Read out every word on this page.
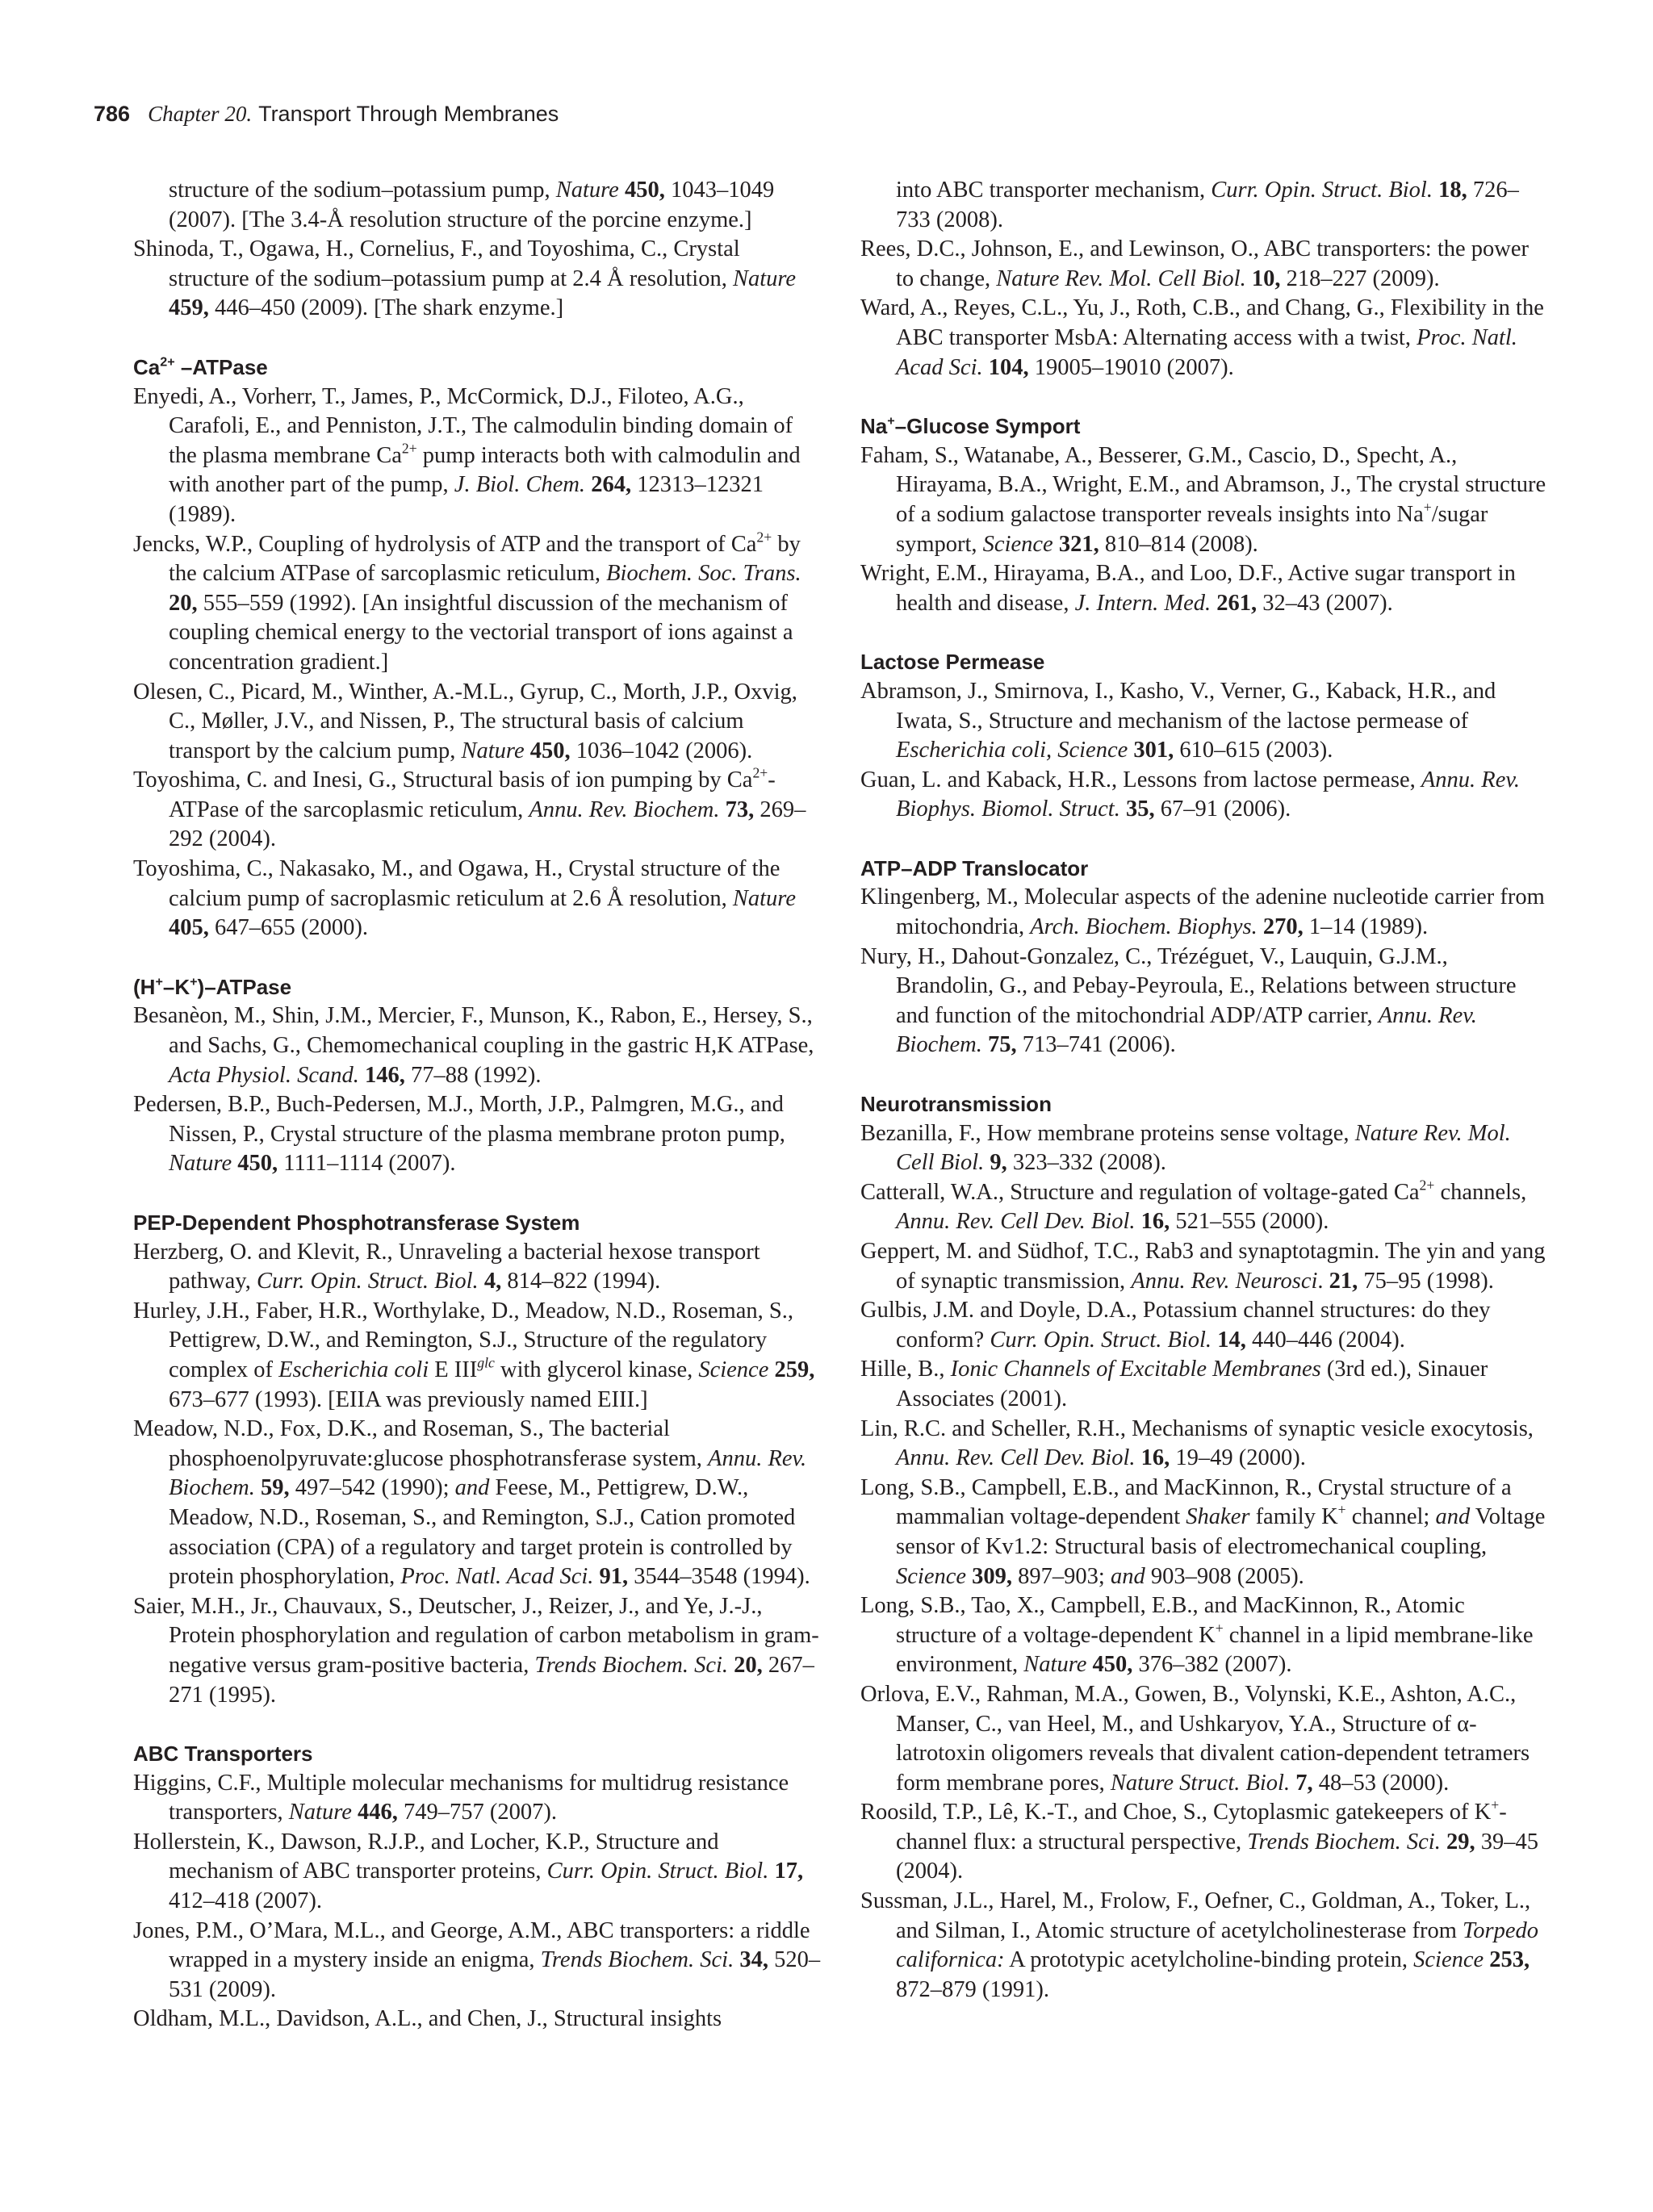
786 Chapter 20. Transport Through Membranes

structure of the sodium–potassium pump, Nature 450, 1043–1049 (2007). [The 3.4-Å resolution structure of the porcine enzyme.]

Shinoda, T., Ogawa, H., Cornelius, F., and Toyoshima, C., Crystal structure of the sodium–potassium pump at 2.4 Å resolution, Nature 459, 446–450 (2009). [The shark enzyme.]

$Ca^{2+}$ –ATPase

Enyedi, A., Vorherr, T., James, P., McCormick, D.J., Filoteo, A.G., Carafoli, E., and Penniston, J.T., The calmodulin binding domain of the plasma membrane $Ca^{2+}$ pump interacts both with calmodulin and with another part of the pump, J. Biol. Chem. 264, 12313–12321 (1989).

Jencks, W.P., Coupling of hydrolysis of ATP and the transport of $Ca^{2+}$ by the calcium ATPase of sarcoplasmic reticulum, Biochem. Soc. Trans. 20, 555–559 (1992). [An insightful discussion of the mechanism of coupling chemical energy to the vectorial transport of ions against a concentration gradient.]

Olesen, C., Picard, M., Winther, A.-M.L., Gyrup, C., Morth, J.P., Oxvig, C., Møller, J.V., and Nissen, P., The structural basis of calcium transport by the calcium pump, Nature 450, 1036–1042 (2006).

Toyoshima, C. and Inesi, G., Structural basis of ion pumping by $Ca^{2+}$-ATPase of the sarcoplasmic reticulum, Annu. Rev. Biochem. 73, 269–292 (2004).

Toyoshima, C., Nakasako, M., and Ogawa, H., Crystal structure of the calcium pump of sacroplasmic reticulum at 2.6 Å resolution, Nature 405, 647–655 (2000).

(H+–K+)–ATPase

Besanèon, M., Shin, J.M., Mercier, F., Munson, K., Rabon, E., Hersey, S., and Sachs, G., Chemomechanical coupling in the gastric H,K ATPase, Acta Physiol. Scand. 146, 77–88 (1992).

Pedersen, B.P., Buch-Pedersen, M.J., Morth, J.P., Palmgren, M.G., and Nissen, P., Crystal structure of the plasma membrane proton pump, Nature 450, 1111–1114 (2007).

PEP-Dependent Phosphotransferase System

Herzberg, O. and Klevit, R., Unraveling a bacterial hexose transport pathway, Curr. Opin. Struct. Biol. 4, 814–822 (1994).

Hurley, J.H., Faber, H.R., Worthylake, D., Meadow, N.D., Roseman, S., Pettigrew, D.W., and Remington, S.J., Structure of the regulatory complex of Escherichia coli E $III^{glc}$ with glycerol kinase, Science 259, 673–677 (1993). [EIIA was previously named EIII.]

Meadow, N.D., Fox, D.K., and Roseman, S., The bacterial phosphoenolpyruvate:glucose phosphotransferase system, Annu. Rev. Biochem. 59, 497–542 (1990); and Feese, M., Pettigrew, D.W., Meadow, N.D., Roseman, S., and Remington, S.J., Cation promoted association (CPA) of a regulatory and target protein is controlled by protein phosphorylation, Proc. Natl. Acad Sci. 91, 3544–3548 (1994).

Saier, M.H., Jr., Chauvaux, S., Deutscher, J., Reizer, J., and Ye, J.-J., Protein phosphorylation and regulation of carbon metabolism in gram-negative versus gram-positive bacteria, Trends Biochem. Sci. 20, 267–271 (1995).

ABC Transporters

Higgins, C.F., Multiple molecular mechanisms for multidrug resistance transporters, Nature 446, 749–757 (2007).

Hollerstein, K., Dawson, R.J.P., and Locher, K.P., Structure and mechanism of ABC transporter proteins, Curr. Opin. Struct. Biol. 17, 412–418 (2007).

Jones, P.M., O’Mara, M.L., and George, A.M., ABC transporters: a riddle wrapped in a mystery inside an enigma, Trends Biochem. Sci. 34, 520–531 (2009).

Oldham, M.L., Davidson, A.L., and Chen, J., Structural insights

into ABC transporter mechanism, Curr. Opin. Struct. Biol. 18, 726–733 (2008).

Rees, D.C., Johnson, E., and Lewinson, O., ABC transporters: the power to change, Nature Rev. Mol. Cell Biol. 10, 218–227 (2009).

Ward, A., Reyes, C.L., Yu, J., Roth, C.B., and Chang, G., Flexibility in the ABC transporter MsbA: Alternating access with a twist, Proc. Natl. Acad Sci. 104, 19005–19010 (2007).

Na+–Glucose Symport

Faham, S., Watanabe, A., Besserer, G.M., Cascio, D., Specht, A., Hirayama, B.A., Wright, E.M., and Abramson, J., The crystal structure of a sodium galactose transporter reveals insights into Na+/sugar symport, Science 321, 810–814 (2008).

Wright, E.M., Hirayama, B.A., and Loo, D.F., Active sugar transport in health and disease, J. Intern. Med. 261, 32–43 (2007).

Lactose Permease

Abramson, J., Smirnova, I., Kasho, V., Verner, G., Kaback, H.R., and Iwata, S., Structure and mechanism of the lactose permease of Escherichia coli, Science 301, 610–615 (2003).

Guan, L. and Kaback, H.R., Lessons from lactose permease, Annu. Rev. Biophys. Biomol. Struct. 35, 67–91 (2006).

ATP–ADP Translocator

Klingenberg, M., Molecular aspects of the adenine nucleotide carrier from mitochondria, Arch. Biochem. Biophys. 270, 1–14 (1989).

Nury, H., Dahout-Gonzalez, C., Trézéguet, V., Lauquin, G.J.M., Brandolin, G., and Pebay-Peyroula, E., Relations between structure and function of the mitochondrial ADP/ATP carrier, Annu. Rev. Biochem. 75, 713–741 (2006).

Neurotransmission

Bezanilla, F., How membrane proteins sense voltage, Nature Rev. Mol. Cell Biol. 9, 323–332 (2008).

Catterall, W.A., Structure and regulation of voltage-gated $Ca^{2+}$ channels, Annu. Rev. Cell Dev. Biol. 16, 521–555 (2000).

Geppert, M. and Südhof, T.C., Rab3 and synaptotagmin. The yin and yang of synaptic transmission, Annu. Rev. Neurosci. 21, 75–95 (1998).

Gulbis, J.M. and Doyle, D.A., Potassium channel structures: do they conform? Curr. Opin. Struct. Biol. 14, 440–446 (2004).

Hille, B., Ionic Channels of Excitable Membranes (3rd ed.), Sinauer Associates (2001).

Lin, R.C. and Scheller, R.H., Mechanisms of synaptic vesicle exocytosis, Annu. Rev. Cell Dev. Biol. 16, 19–49 (2000).

Long, S.B., Campbell, E.B., and MacKinnon, R., Crystal structure of a mammalian voltage-dependent Shaker family K+ channel; and Voltage sensor of Kv1.2: Structural basis of electromechanical coupling, Science 309, 897–903; and 903–908 (2005).

Long, S.B., Tao, X., Campbell, E.B., and MacKinnon, R., Atomic structure of a voltage-dependent K+ channel in a lipid membrane-like environment, Nature 450, 376–382 (2007).

Orlova, E.V., Rahman, M.A., Gowen, B., Volynski, K.E., Ashton, A.C., Manser, C., van Heel, M., and Ushkaryov, Y.A., Structure of α-latrotoxin oligomers reveals that divalent cation-dependent tetramers form membrane pores, Nature Struct. Biol. 7, 48–53 (2000).

Roosild, T.P., Lê, K.-T., and Choe, S., Cytoplasmic gatekeepers of K+-channel flux: a structural perspective, Trends Biochem. Sci. 29, 39–45 (2004).

Sussman, J.L., Harel, M., Frolow, F., Oefner, C., Goldman, A., Toker, L., and Silman, I., Atomic structure of acetylcholinesterase from Torpedo californica: A prototypic acetylcholine-binding protein, Science 253, 872–879 (1991).
